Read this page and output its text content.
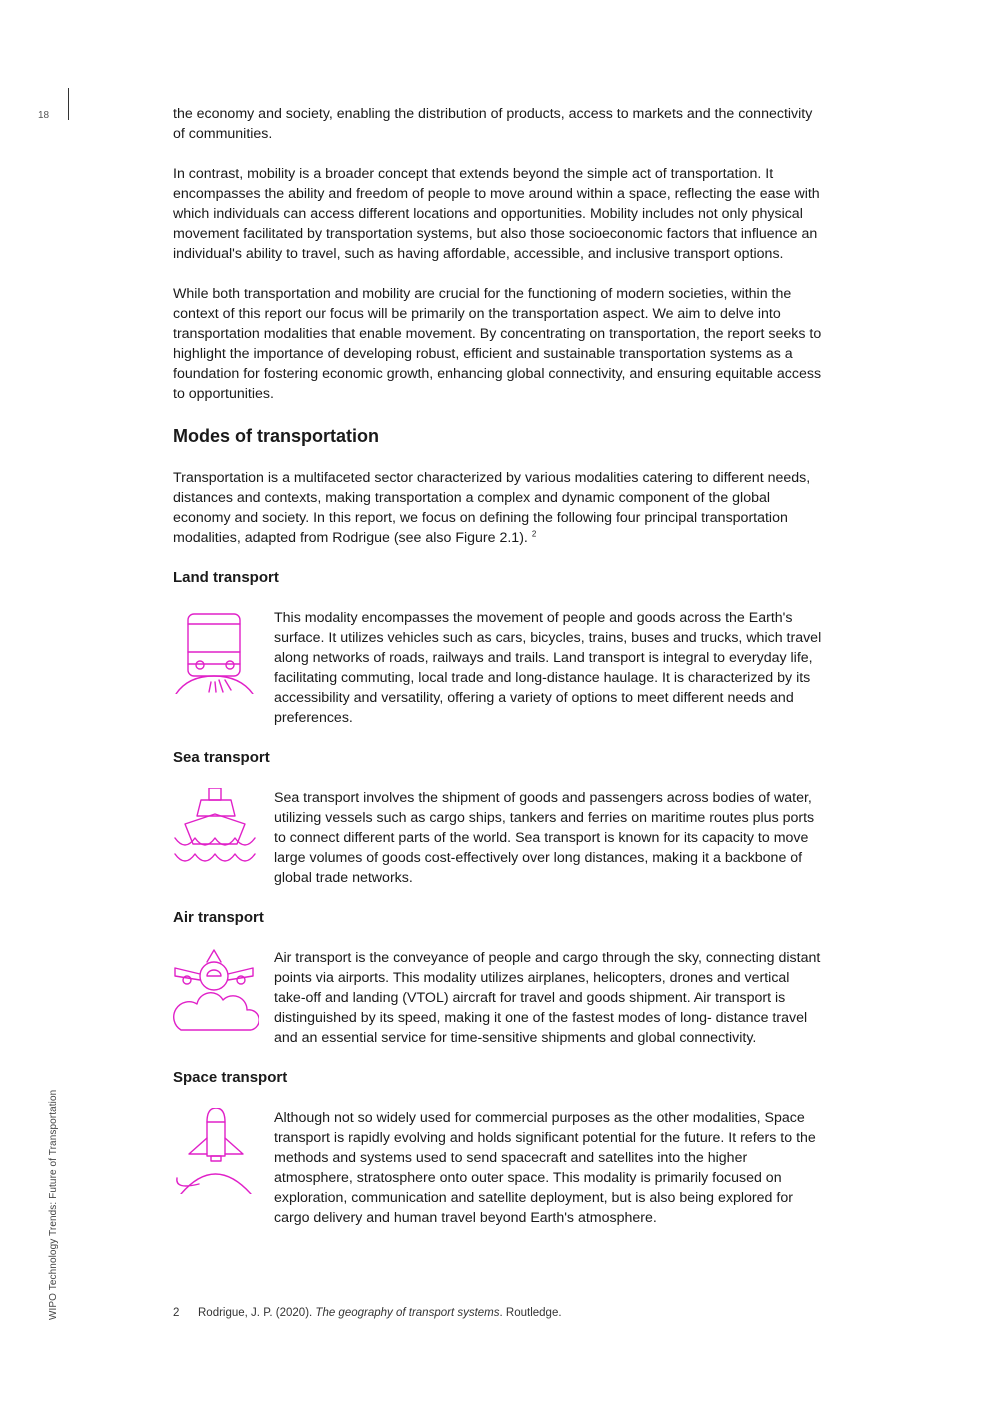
18
WIPO Technology Trends: Future of Transportation

the economy and society, enabling the distribution of products, access to markets and the connectivity of communities.

In contrast, mobility is a broader concept that extends beyond the simple act of transportation. It encompasses the ability and freedom of people to move around within a space, reflecting the ease with which individuals can access different locations and opportunities. Mobility includes not only physical movement facilitated by transportation systems, but also those socioeconomic factors that influence an individual's ability to travel, such as having affordable, accessible, and inclusive transport options.

While both transportation and mobility are crucial for the functioning of modern societies, within the context of this report our focus will be primarily on the transportation aspect. We aim to delve into transportation modalities that enable movement. By concentrating on transportation, the report seeks to highlight the importance of developing robust, efficient and sustainable transportation systems as a foundation for fostering economic growth, enhancing global connectivity, and ensuring equitable access to opportunities.

Modes of transportation

Transportation is a multifaceted sector characterized by various modalities catering to different needs, distances and contexts, making transportation a complex and dynamic component of the global economy and society. In this report, we focus on defining the following four principal transportation modalities, adapted from Rodrigue (see also Figure 2.1). $^2$

Land transport

This modality encompasses the movement of people and goods across the Earth's surface. It utilizes vehicles such as cars, bicycles, trains, buses and trucks, which travel along networks of roads, railways and trails. Land transport is integral to everyday life, facilitating commuting, local trade and long-distance haulage. It is characterized by its accessibility and versatility, offering a variety of options to meet different needs and preferences.

Sea transport

Sea transport involves the shipment of goods and passengers across bodies of water, utilizing vessels such as cargo ships, tankers and ferries on maritime routes plus ports to connect different parts of the world. Sea transport is known for its capacity to move large volumes of goods cost-effectively over long distances, making it a backbone of global trade networks.

Air transport

Air transport is the conveyance of people and cargo through the sky, connecting distant points via airports. This modality utilizes airplanes, helicopters, drones and vertical take-off and landing (VTOL) aircraft for travel and goods shipment. Air transport is distinguished by its speed, making it one of the fastest modes of long- distance travel and an essential service for time-sensitive shipments and global connectivity.

Space transport

Although not so widely used for commercial purposes as the other modalities, Space transport is rapidly evolving and holds significant potential for the future. It refers to the methods and systems used to send spacecraft and satellites into the higher atmosphere, stratosphere onto outer space. This modality is primarily focused on exploration, communication and satellite deployment, but is also being explored for cargo delivery and human travel beyond Earth's atmosphere.

2 Rodrigue, J. P. (2020). The geography of transport systems. Routledge.
